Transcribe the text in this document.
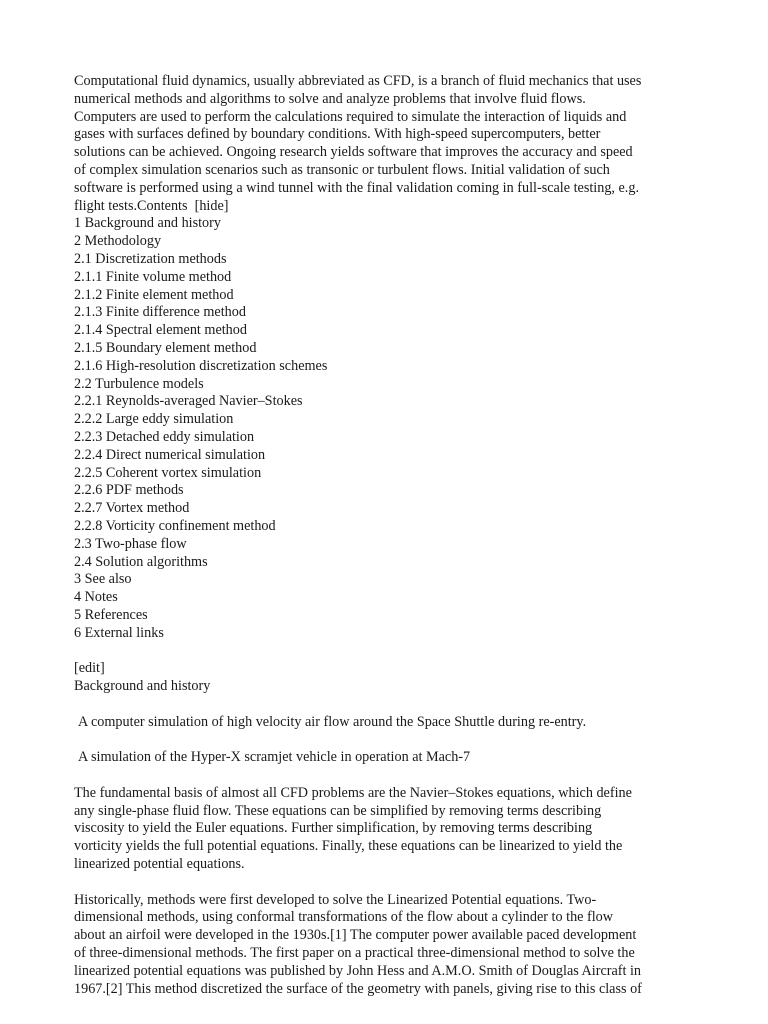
Computational fluid dynamics, usually abbreviated as CFD, is a branch of fluid mechanics that uses

numerical methods and algorithms to solve and analyze problems that involve fluid flows.

Computers are used to perform the calculations required to simulate the interaction of liquids and

gases with surfaces defined by boundary conditions. With high-speed supercomputers, better

solutions can be achieved. Ongoing research yields software that improves the accuracy and speed

of complex simulation scenarios such as transonic or turbulent flows. Initial validation of such

software is performed using a wind tunnel with the final validation coming in full-scale testing, e.g.

flight tests.Contents [hide]

1 Background and history

2 Methodology

2.1 Discretization methods

2.1.1 Finite volume method

2.1.2 Finite element method

2.1.3 Finite difference method

2.1.4 Spectral element method

2.1.5 Boundary element method

2.1.6 High-resolution discretization schemes

2.2 Turbulence models

2.2.1 Reynolds-averaged Navier–Stokes

2.2.2 Large eddy simulation

2.2.3 Detached eddy simulation

2.2.4 Direct numerical simulation

2.2.5 Coherent vortex simulation

2.2.6 PDF methods

2.2.7 Vortex method

2.2.8 Vorticity confinement method

2.3 Two-phase flow

2.4 Solution algorithms

3 See also

4 Notes

5 References

6 External links

[edit]

Background and history

A computer simulation of high velocity air flow around the Space Shuttle during re-entry.

A simulation of the Hyper-X scramjet vehicle in operation at Mach-7

The fundamental basis of almost all CFD problems are the Navier–Stokes equations, which define

any single-phase fluid flow. These equations can be simplified by removing terms describing

viscosity to yield the Euler equations. Further simplification, by removing terms describing

vorticity yields the full potential equations. Finally, these equations can be linearized to yield the

linearized potential equations.

Historically, methods were first developed to solve the Linearized Potential equations. Two-

dimensional methods, using conformal transformations of the flow about a cylinder to the flow

about an airfoil were developed in the 1930s.[1] The computer power available paced development

of three-dimensional methods. The first paper on a practical three-dimensional method to solve the

linearized potential equations was published by John Hess and A.M.O. Smith of Douglas Aircraft in

1967.[2] This method discretized the surface of the geometry with panels, giving rise to this class of
